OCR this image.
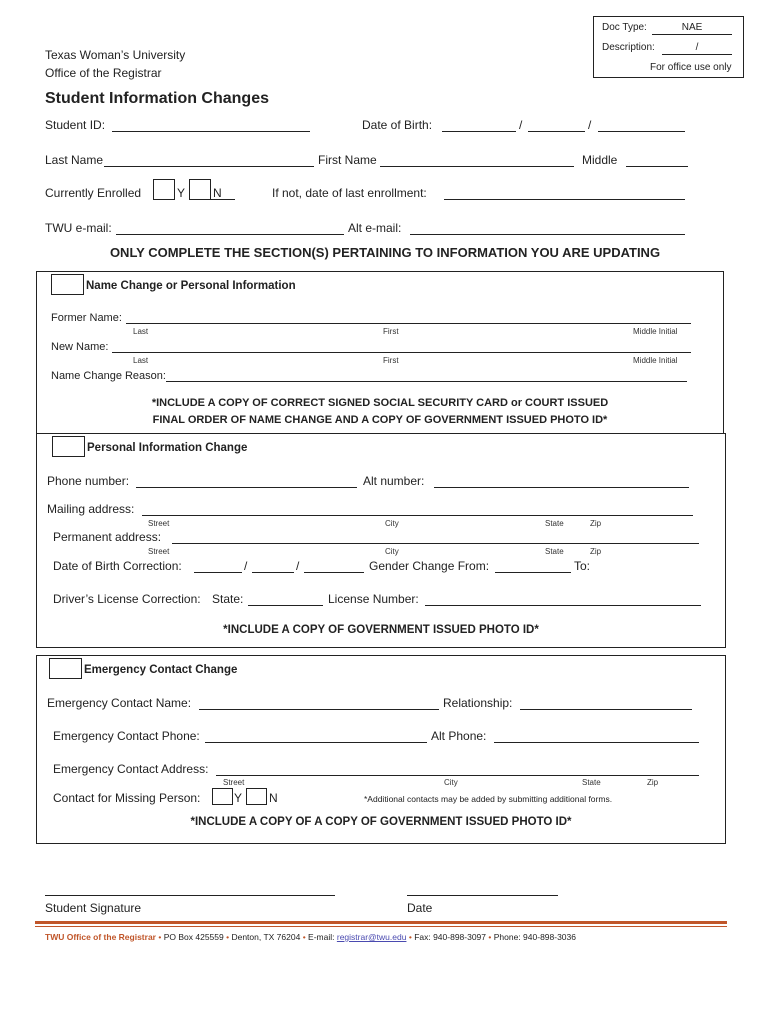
Doc Type:	NAE
Description:	/
For office use only
Texas Woman’s University
Office of the Registrar
Student Information Changes
Student ID:	Date of Birth:	/	/
Last Name	First Name	Middle
Currently Enrolled	Y N	If not, date of last enrollment:
TWU e-mail:	Alt e-mail:
ONLY COMPLETE THE SECTION(S) PERTAINING TO INFORMATION YOU ARE UPDATING
Name Change or Personal Information
Former Name:
Last	First	Middle Initial
New Name:
Last	First	Middle Initial
Name Change Reason:
*INCLUDE A COPY OF CORRECT SIGNED SOCIAL SECURITY CARD or COURT ISSUED
FINAL ORDER OF NAME CHANGE AND A COPY OF GOVERNMENT ISSUED PHOTO ID*
Personal Information Change
Phone number:	Alt number:
Mailing address:
Street	City	State	Zip
Permanent address:
Street	City	State	Zip
Date of Birth Correction:	/	/	Gender Change From:	To:
Driver’s License Correction: State:	License Number:
*INCLUDE A COPY OF GOVERNMENT ISSUED PHOTO ID*
Emergency Contact Change
Emergency Contact Name:	Relationship:
Emergency Contact Phone:	Alt Phone:
Emergency Contact Address:
Street	City	State	Zip
Contact for Missing Person:	Y N	*Additional contacts may be added by submitting additional forms.
*INCLUDE A COPY OF A COPY OF GOVERNMENT ISSUED PHOTO ID*
Student Signature	Date
TWU Office of the Registrar • PO Box 425559 • Denton, TX 76204 • E-mail: registrar@twu.edu • Fax: 940-898-3097 • Phone: 940-898-3036
